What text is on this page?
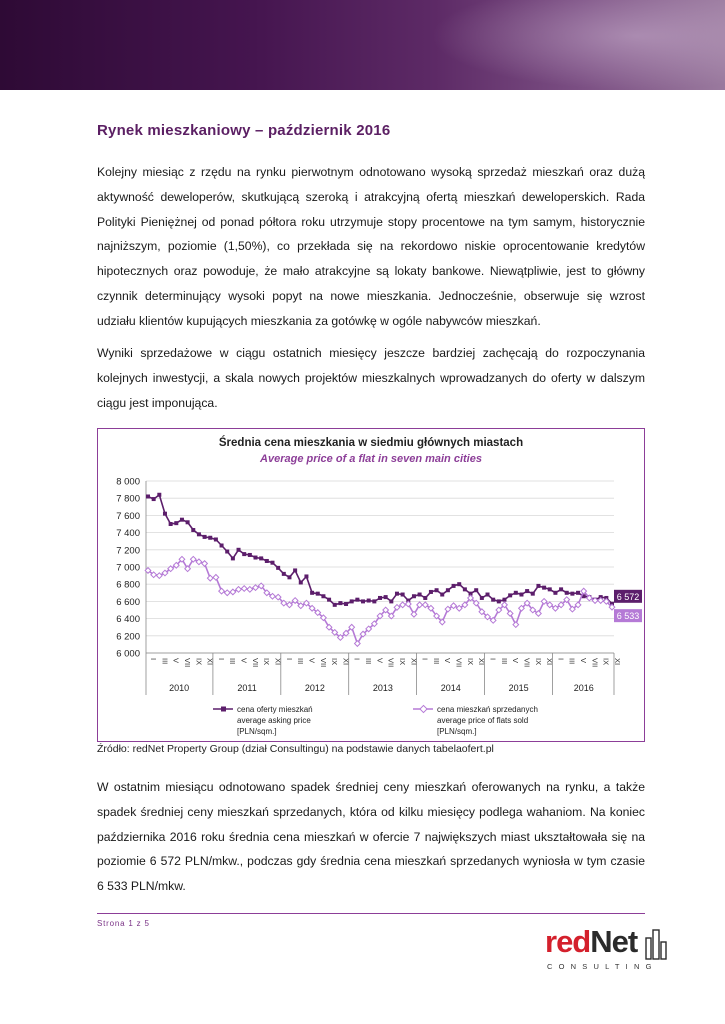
Rynek mieszkaniowy – październik 2016

Kolejny miesiąc z rzędu na rynku pierwotnym odnotowano wysoką sprzedaż mieszkań oraz dużą aktywność deweloperów, skutkującą szeroką i atrakcyjną ofertą mieszkań deweloperskich. Rada Polityki Pieniężnej od ponad półtora roku utrzymuje stopy procentowe na tym samym, historycznie najniższym, poziomie (1,50%), co przekłada się na rekordowo niskie oprocentowanie kredytów hipotecznych oraz powoduje, że mało atrakcyjne są lokaty bankowe. Niewątpliwie, jest to główny czynnik determinujący wysoki popyt na nowe mieszkania. Jednocześnie, obserwuje się wzrost udziału klientów kupujących mieszkania za gotówkę w ogóle nabywców mieszkań.

Wyniki sprzedażowe w ciągu ostatnich miesięcy jeszcze bardziej zachęcają do rozpoczynania kolejnych inwestycji, a skala nowych projektów mieszkalnych wprowadzanych do oferty w dalszym ciągu jest imponująca.

Średnia cena mieszkania w siedmiu głównych miastach

Average price of a flat in seven main cities

6 000
6 200
6 400
6 600
6 800
7 000
7 200
7 400
7 600
7 800
8 000
I III V VII IX XI I III V VII IX XI I III V VII IX XI I III V VII IX XI I III V VII IX XI I III V VII IX XI I III V VII IX XI
2010	2011	2012	2013	2014	2015	2016
6 572
6 533
cena oferty mieszkań
average asking price
[PLN/sqm.]
cena mieszkań sprzedanych
average price of flats sold
[PLN/sqm.]

Źródło: redNet Property Group (dział Consultingu) na podstawie danych tabelaofert.pl

W ostatnim miesiącu odnotowano spadek średniej ceny mieszkań oferowanych na rynku, a także spadek średniej ceny mieszkań sprzedanych, która od kilku miesięcy podlega wahaniom. Na koniec października 2016 roku średnia cena mieszkań w ofercie 7 największych miast ukształtowała się na poziomie 6 572 PLN/mkw., podczas gdy średnia cena mieszkań sprzedanych wyniosła w tym czasie 6 533 PLN/mkw.

Strona 1 z 5

redNet
CONSULTING
